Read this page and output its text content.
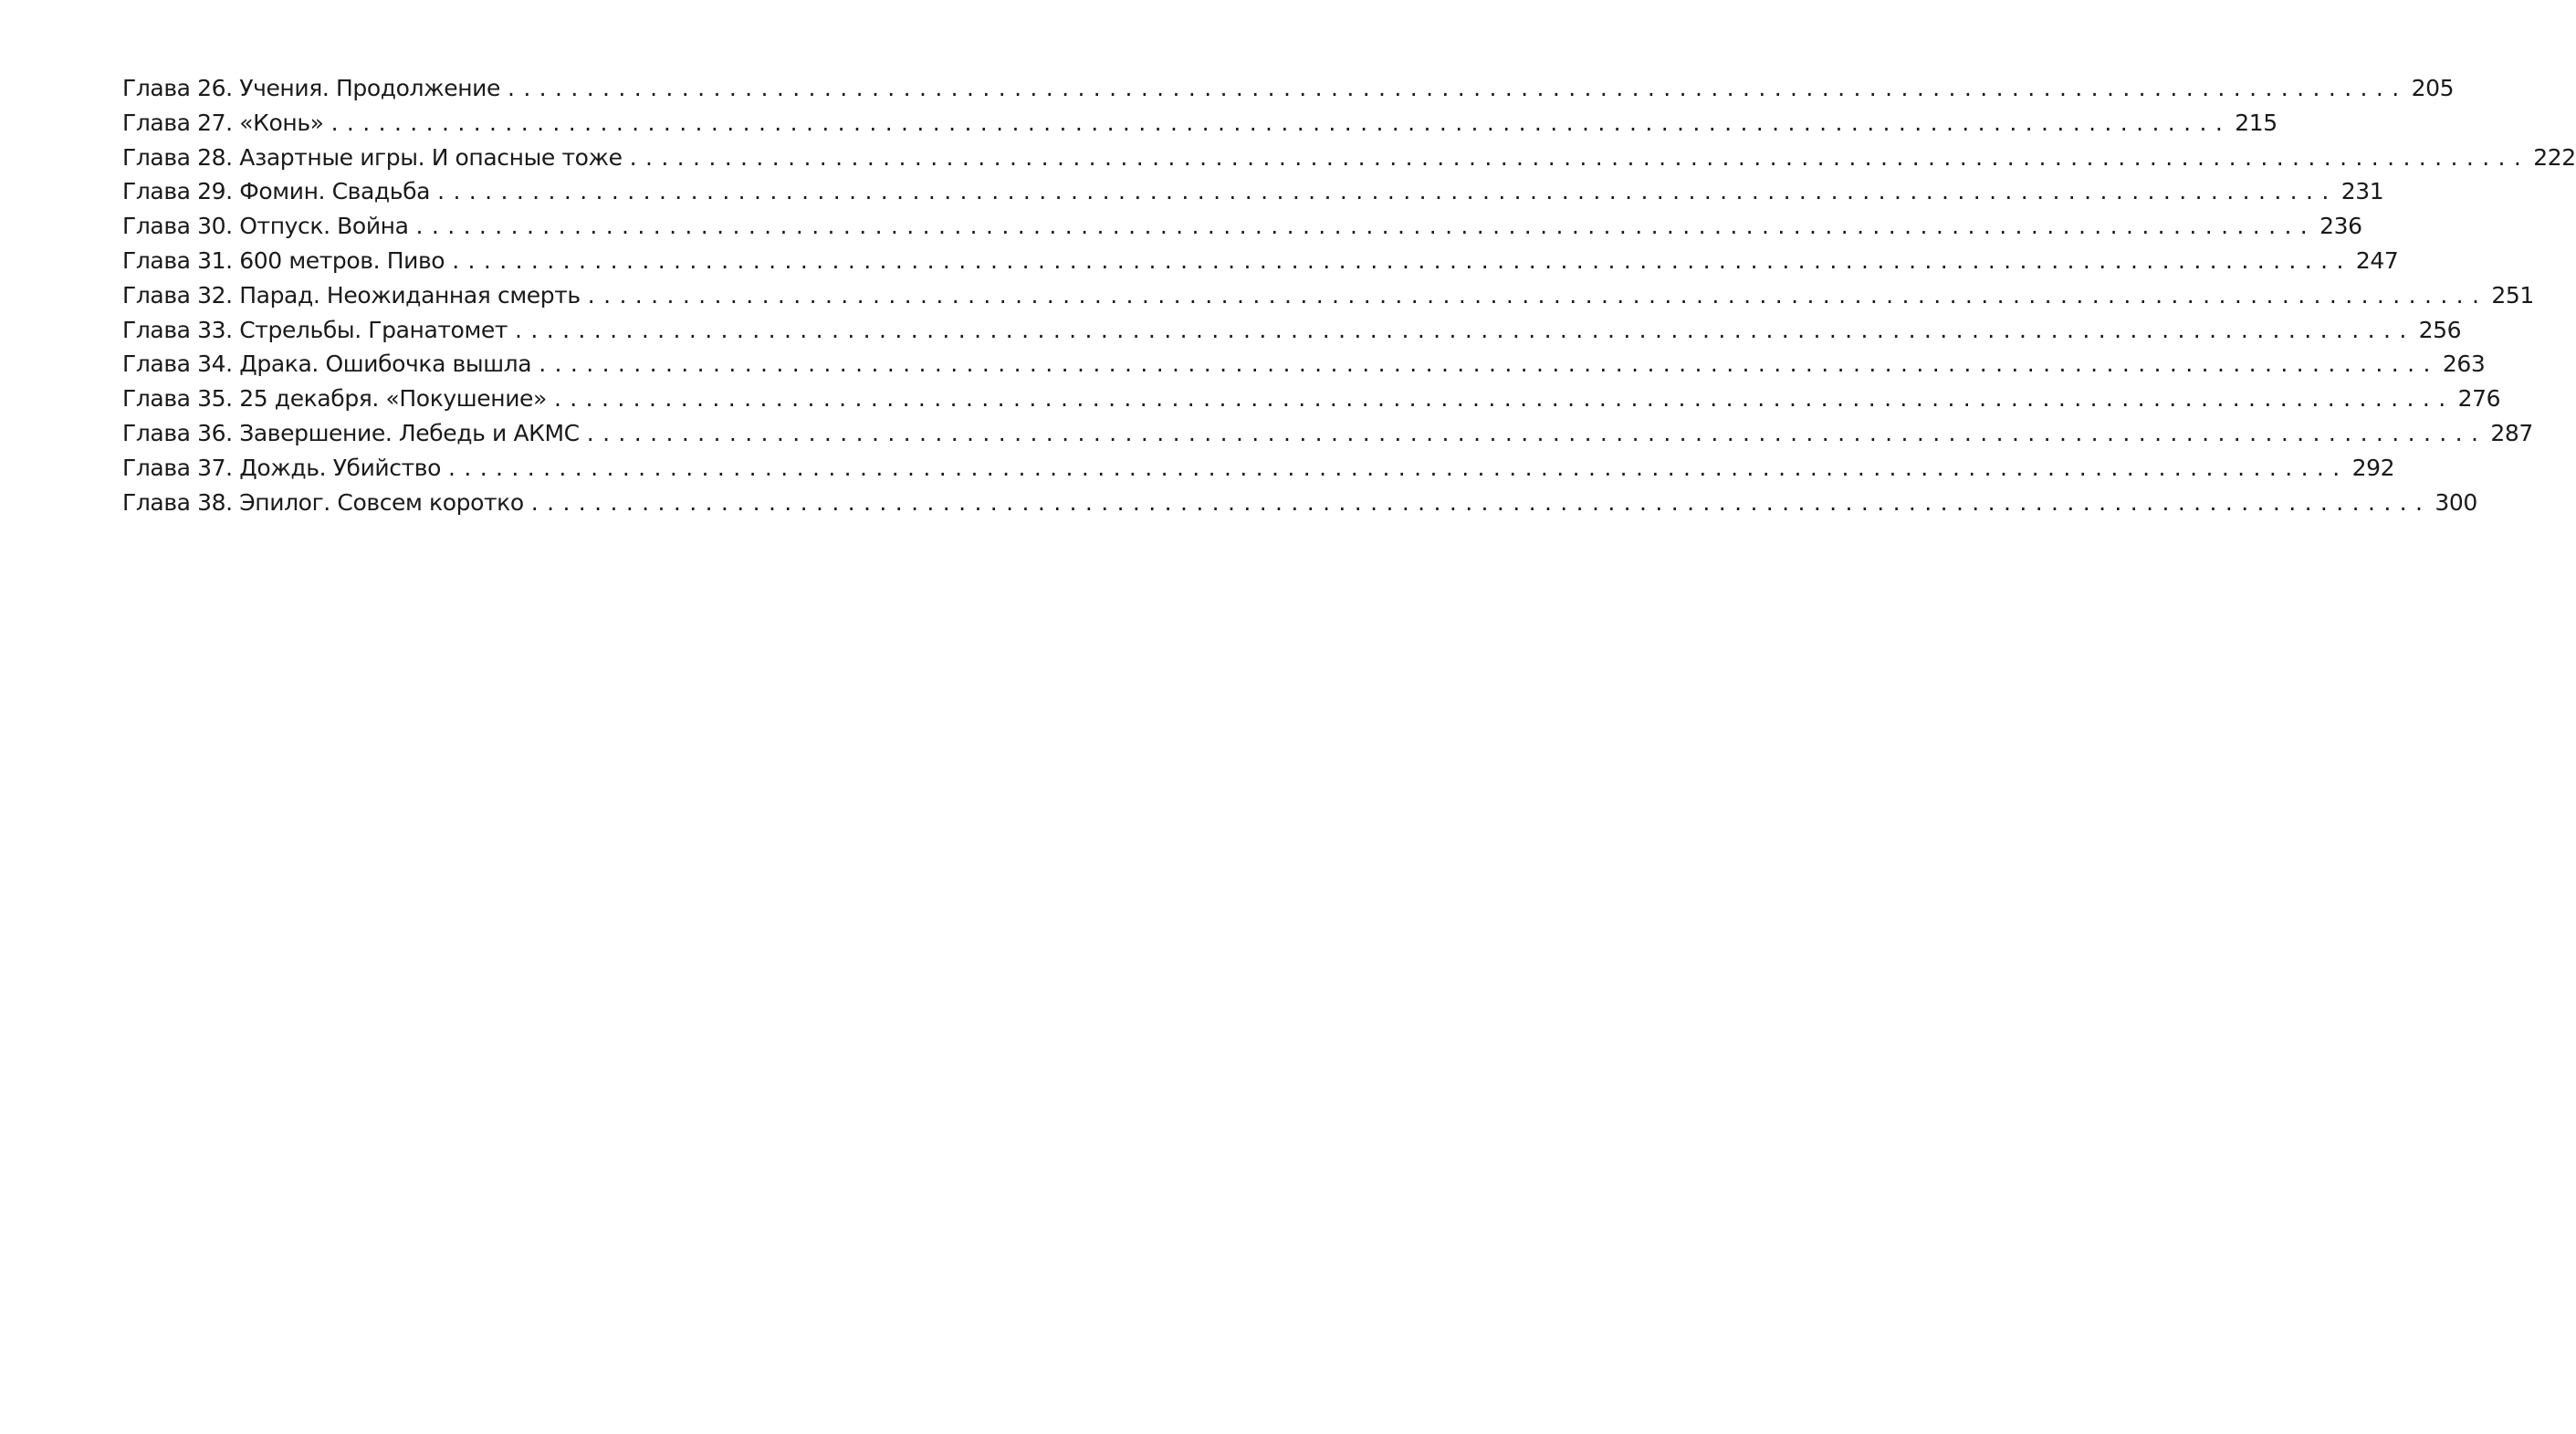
Глава 26. Учения. Продолжение ........................................................................................................................ 205
Глава 27. «Конь» ........................................................................................................................ 215
Глава 28. Азартные игры. И опасные тоже ........................................................................................................................ 222
Глава 29. Фомин. Свадьба ........................................................................................................................ 231
Глава 30. Отпуск. Война ........................................................................................................................ 236
Глава 31. 600 метров. Пиво ........................................................................................................................ 247
Глава 32. Парад. Неожиданная смерть ........................................................................................................................ 251
Глава 33. Стрельбы. Гранатомет ........................................................................................................................ 256
Глава 34. Драка. Ошибочка вышла ........................................................................................................................ 263
Глава 35. 25 декабря. «Покушение» ........................................................................................................................ 276
Глава 36. Завершение. Лебедь и АКМС ........................................................................................................................ 287
Глава 37. Дождь. Убийство ........................................................................................................................ 292
Глава 38. Эпилог. Совсем коротко ........................................................................................................................ 300
